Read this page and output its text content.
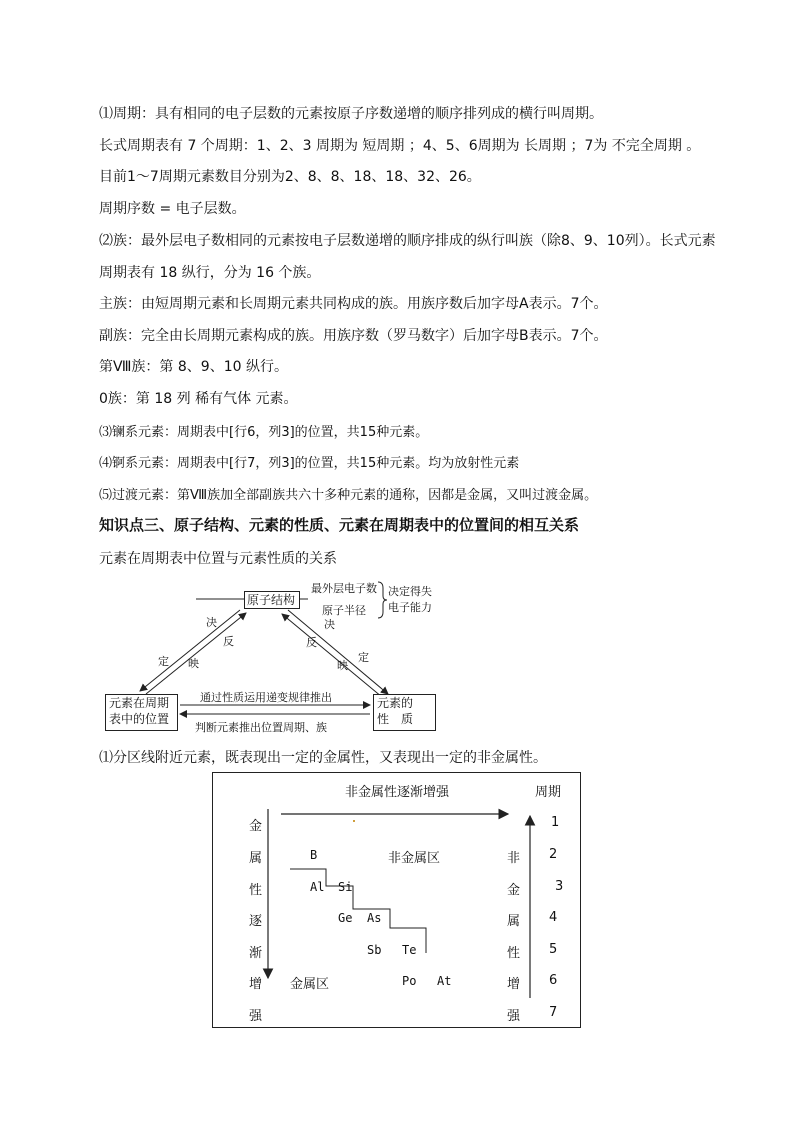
⑴周期：具有相同的电子层数的元素按原子序数递增的顺序排列成的横行叫周期。
长式周期表有 7 个周期：1、2、3 周期为 短周期 ；4、5、6周期为 长周期 ；7为 不完全周期 。
目前1～7周期元素数目分别为2、8、8、18、18、32、26。
周期序数 = 电子层数。
⑵族：最外层电子数相同的元素按电子层数递增的顺序排成的纵行叫族（除8、9、10列）。长式元素
周期表有 18 纵行，分为 16 个族。
主族：由短周期元素和长周期元素共同构成的族。用族序数后加字母A表示。7个。
副族：完全由长周期元素构成的族。用族序数（罗马数字）后加字母B表示。7个。
第Ⅷ族：第 8、9、10 纵行。
0族：第 18 列 稀有气体 元素。
⑶镧系元素：周期表中[行6，列3]的位置，共15种元素。
⑷锕系元素：周期表中[行7，列3]的位置，共15种元素。均为放射性元素
⑸过渡元素：第Ⅷ族加全部副族共六十多种元素的通称，因都是金属，又叫过渡金属。
知识点三、原子结构、元素的性质、元素在周期表中的位置间的相互关系
元素在周期表中位置与元素性质的关系
原子结构
最外层电子数
原子半径
决定得失
电子能力
决
定
反
映
决
定
反
映
元素在周期
表中的位置
元素的
性　质
通过性质运用递变规律推出
判断元素推出位置周期、族
⑴分区线附近元素，既表现出一定的金属性，又表现出一定的非金属性。
非金属性逐渐增强	周期
金
属
性
逐
渐
增
强
非
金
属
性
增
强
1
2
3
4
5
6
7
非金属区
金属区
B
Al Si
Ge As
Sb Te
Po At
